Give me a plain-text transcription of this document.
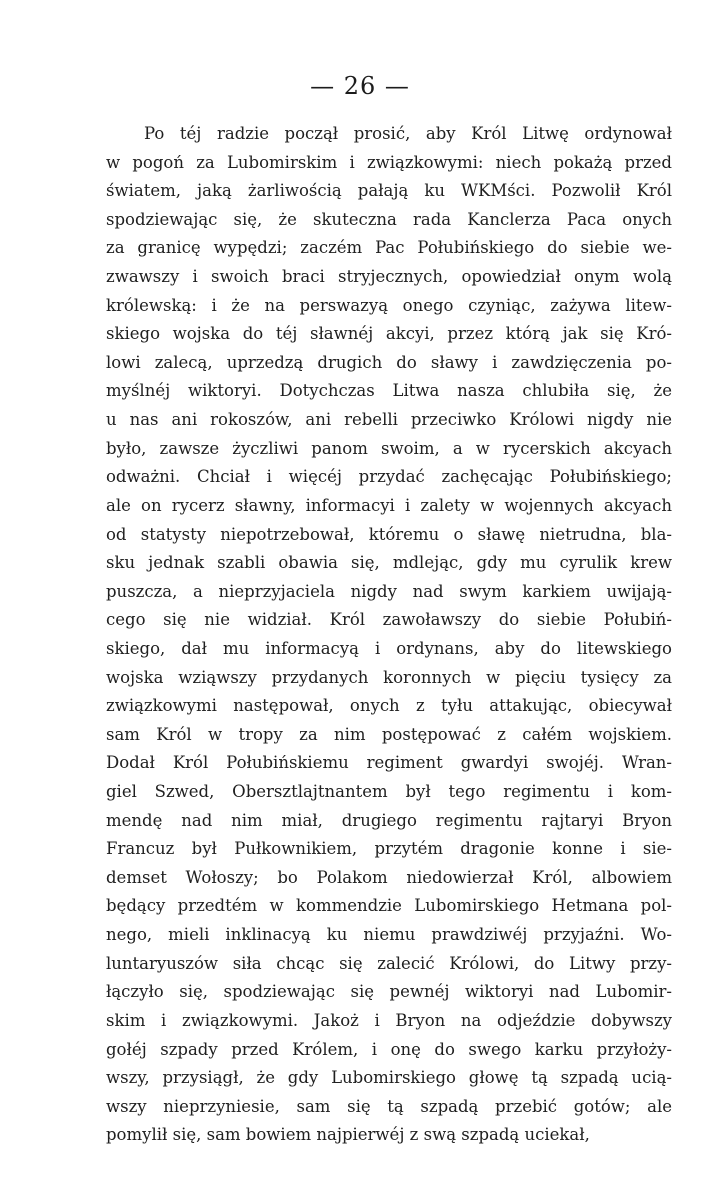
— 26 —
Po téj radzie począł prosić, aby Król Litwę ordynował
w pogoń za Lubomirskim i związkowymi: niech pokażą przed
światem, jaką żarliwością pałają ku WKMści. Pozwolił Król
spodziewając się, że skuteczna rada Kanclerza Paca onych
za granicę wypędzi; zaczém Pac Połubińskiego do siebie we-
zwawszy i swoich braci stryjecznych, opowiedział onym wolą
królewską: i że na perswazyą onego czyniąc, zażywa litew-
skiego wojska do téj sławnéj akcyi, przez którą jak się Kró-
lowi zalecą, uprzedzą drugich do sławy i zawdzięczenia po-
myślnéj wiktoryi. Dotychczas Litwa nasza chlubiła się, że
u nas ani rokoszów, ani rebelli przeciwko Królowi nigdy nie
było, zawsze życzliwi panom swoim, a w rycerskich akcyach
odważni. Chciał i więcéj przydać zachęcając Połubińskiego;
ale on rycerz sławny, informacyi i zalety w wojennych akcyach
od statysty niepotrzebował, któremu o sławę nietrudna, bla-
sku jednak szabli obawia się, mdlejąc, gdy mu cyrulik krew
puszcza, a nieprzyjaciela nigdy nad swym karkiem uwijają-
cego się nie widział. Król zawoławszy do siebie Połubiń-
skiego, dał mu informacyą i ordynans, aby do litewskiego
wojska wziąwszy przydanych koronnych w pięciu tysięcy za
związkowymi następował, onych z tyłu attakując, obiecywał
sam Król w tropy za nim postępować z całém wojskiem.
Dodał Król Połubińskiemu regiment gwardyi swojéj. Wran-
giel Szwed, Obersztlajtnantem był tego regimentu i kom-
mendę nad nim miał, drugiego regimentu rajtaryi Bryon
Francuz był Pułkownikiem, przytém dragonie konne i sie-
demset Wołoszy; bo Polakom niedowierzał Król, albowiem
będący przedtém w kommendzie Lubomirskiego Hetmana pol-
nego, mieli inklinacyą ku niemu prawdziwéj przyjaźni. Wo-
luntaryuszów siła chcąc się zalecić Królowi, do Litwy przy-
łączyło się, spodziewając się pewnéj wiktoryi nad Lubomir-
skim i związkowymi. Jakoż i Bryon na odjeździe dobywszy
gołéj szpady przed Królem, i onę do swego karku przyłoży-
wszy, przysiągł, że gdy Lubomirskiego głowę tą szpadą ucią-
wszy nieprzyniesie, sam się tą szpadą przebić gotów; ale
pomylił się, sam bowiem najpierwéj z swą szpadą uciekał,
